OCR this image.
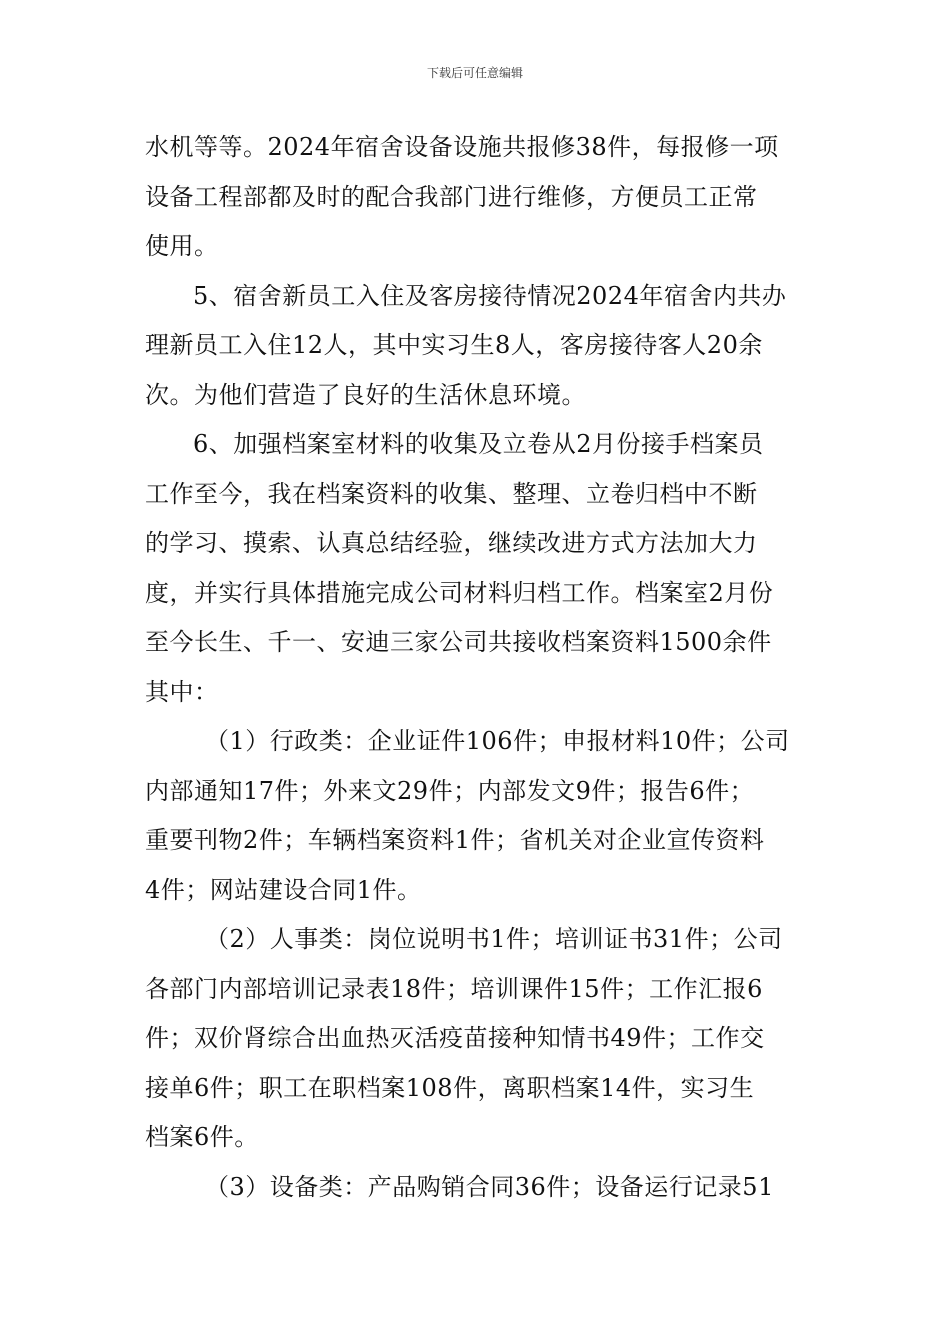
下载后可任意编辑
水机等等。2024年宿舍设备设施共报修38件，每报修一项
设备工程部都及时的配合我部门进行维修，方便员工正常
使用。
5、宿舍新员工入住及客房接待情况2024年宿舍内共办
理新员工入住12人，其中实习生8人，客房接待客人20余
次。为他们营造了良好的生活休息环境。
6、加强档案室材料的收集及立卷从2月份接手档案员
工作至今，我在档案资料的收集、整理、立卷归档中不断
的学习、摸索、认真总结经验，继续改进方式方法加大力
度，并实行具体措施完成公司材料归档工作。档案室2月份
至今长生、千一、安迪三家公司共接收档案资料1500余件
其中：
（1）行政类：企业证件106件；申报材料10件；公司
内部通知17件；外来文29件；内部发文9件；报告6件；
重要刊物2件；车辆档案资料1件；省机关对企业宣传资料
4件；网站建设合同1件。
（2）人事类：岗位说明书1件；培训证书31件；公司
各部门内部培训记录表18件；培训课件15件；工作汇报6
件；双价肾综合出血热灭活疫苗接种知情书49件；工作交
接单6件；职工在职档案108件，离职档案14件，实习生
档案6件。
（3）设备类：产品购销合同36件；设备运行记录51
